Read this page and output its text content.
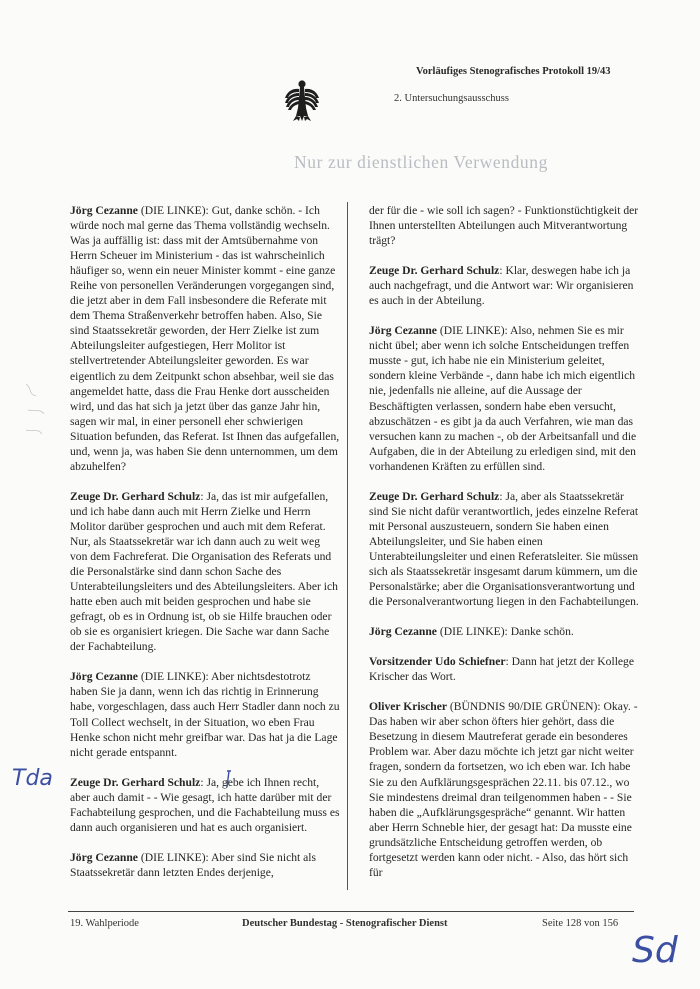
Vorläufiges Stenografisches Protokoll 19/43
2. Untersuchungsausschuss
Nur zur dienstlichen Verwendung

Jörg Cezanne (DIE LINKE): Gut, danke schön. - Ich würde noch mal gerne das Thema vollständig wechseln. Was ja auffällig ist: dass mit der Amtsübernahme von Herrn Scheuer im Ministerium - das ist wahrscheinlich häufiger so, wenn ein neuer Minister kommt - eine ganze Reihe von personellen Veränderungen vorgegangen sind, die jetzt aber in dem Fall insbesondere die Referate mit dem Thema Straßenverkehr betroffen haben. Also, Sie sind Staatssekretär geworden, der Herr Zielke ist zum Abteilungsleiter aufgestiegen, Herr Molitor ist stellvertretender Abteilungsleiter geworden. Es war eigentlich zu dem Zeitpunkt schon absehbar, weil sie das angemeldet hatte, dass die Frau Henke dort ausscheiden wird, und das hat sich ja jetzt über das ganze Jahr hin, sagen wir mal, in einer personell eher schwierigen Situation befunden, das Referat. Ist Ihnen das aufgefallen, und, wenn ja, was haben Sie denn unternommen, um dem abzuhelfen?

Zeuge Dr. Gerhard Schulz: Ja, das ist mir aufgefallen, und ich habe dann auch mit Herrn Zielke und Herrn Molitor darüber gesprochen und auch mit dem Referat. Nur, als Staatssekretär war ich dann auch zu weit weg von dem Fachreferat. Die Organisation des Referats und die Personalstärke sind dann schon Sache des Unterabteilungsleiters und des Abteilungsleiters. Aber ich hatte eben auch mit beiden gesprochen und habe sie gefragt, ob es in Ordnung ist, ob sie Hilfe brauchen oder ob sie es organisiert kriegen. Die Sache war dann Sache der Fachabteilung.

Jörg Cezanne (DIE LINKE): Aber nichtsdestotrotz haben Sie ja dann, wenn ich das richtig in Erinnerung habe, vorgeschlagen, dass auch Herr Stadler dann noch zu Toll Collect wechselt, in der Situation, wo eben Frau Henke schon nicht mehr greifbar war. Das hat ja die Lage nicht gerade entspannt.

Zeuge Dr. Gerhard Schulz: Ja, gebe ich Ihnen recht, aber auch damit - - Wie gesagt, ich hatte darüber mit der Fachabteilung gesprochen, und die Fachabteilung muss es dann auch organisieren und hat es auch organisiert.

Jörg Cezanne (DIE LINKE): Aber sind Sie nicht als Staatssekretär dann letzten Endes derjenige,

der für die - wie soll ich sagen? - Funktionstüchtigkeit der Ihnen unterstellten Abteilungen auch Mitverantwortung trägt?

Zeuge Dr. Gerhard Schulz: Klar, deswegen habe ich ja auch nachgefragt, und die Antwort war: Wir organisieren es auch in der Abteilung.

Jörg Cezanne (DIE LINKE): Also, nehmen Sie es mir nicht übel; aber wenn ich solche Entscheidungen treffen musste - gut, ich habe nie ein Ministerium geleitet, sondern kleine Verbände -, dann habe ich mich eigentlich nie, jedenfalls nie alleine, auf die Aussage der Beschäftigten verlassen, sondern habe eben versucht, abzuschätzen - es gibt ja da auch Verfahren, wie man das versuchen kann zu machen -, ob der Arbeitsanfall und die Aufgaben, die in der Abteilung zu erledigen sind, mit den vorhandenen Kräften zu erfüllen sind.

Zeuge Dr. Gerhard Schulz: Ja, aber als Staatssekretär sind Sie nicht dafür verantwortlich, jedes einzelne Referat mit Personal auszusteuern, sondern Sie haben einen Abteilungsleiter, und Sie haben einen Unterabteilungsleiter und einen Referatsleiter. Sie müssen sich als Staatssekretär insgesamt darum kümmern, um die Personalstärke; aber die Organisationsverantwortung und die Personalverantwortung liegen in den Fachabteilungen.

Jörg Cezanne (DIE LINKE): Danke schön.

Vorsitzender Udo Schiefner: Dann hat jetzt der Kollege Krischer das Wort.

Oliver Krischer (BÜNDNIS 90/DIE GRÜNEN): Okay. - Das haben wir aber schon öfters hier gehört, dass die Besetzung in diesem Mautreferat gerade ein besonderes Problem war. Aber dazu möchte ich jetzt gar nicht weiter fragen, sondern da fortsetzen, wo ich eben war. Ich habe Sie zu den Aufklärungsgesprächen 22.11. bis 07.12., wo Sie mindestens dreimal dran teilgenommen haben - - Sie haben die „Aufklärungsgespräche“ genannt. Wir hatten aber Herrn Schneble hier, der gesagt hat: Da musste eine grundsätzliche Entscheidung getroffen werden, ob fortgesetzt werden kann oder nicht. - Also, das hört sich für

19. Wahlperiode	Deutscher Bundestag - Stenografischer Dienst	Seite 128 von 156
Tda
Sd
